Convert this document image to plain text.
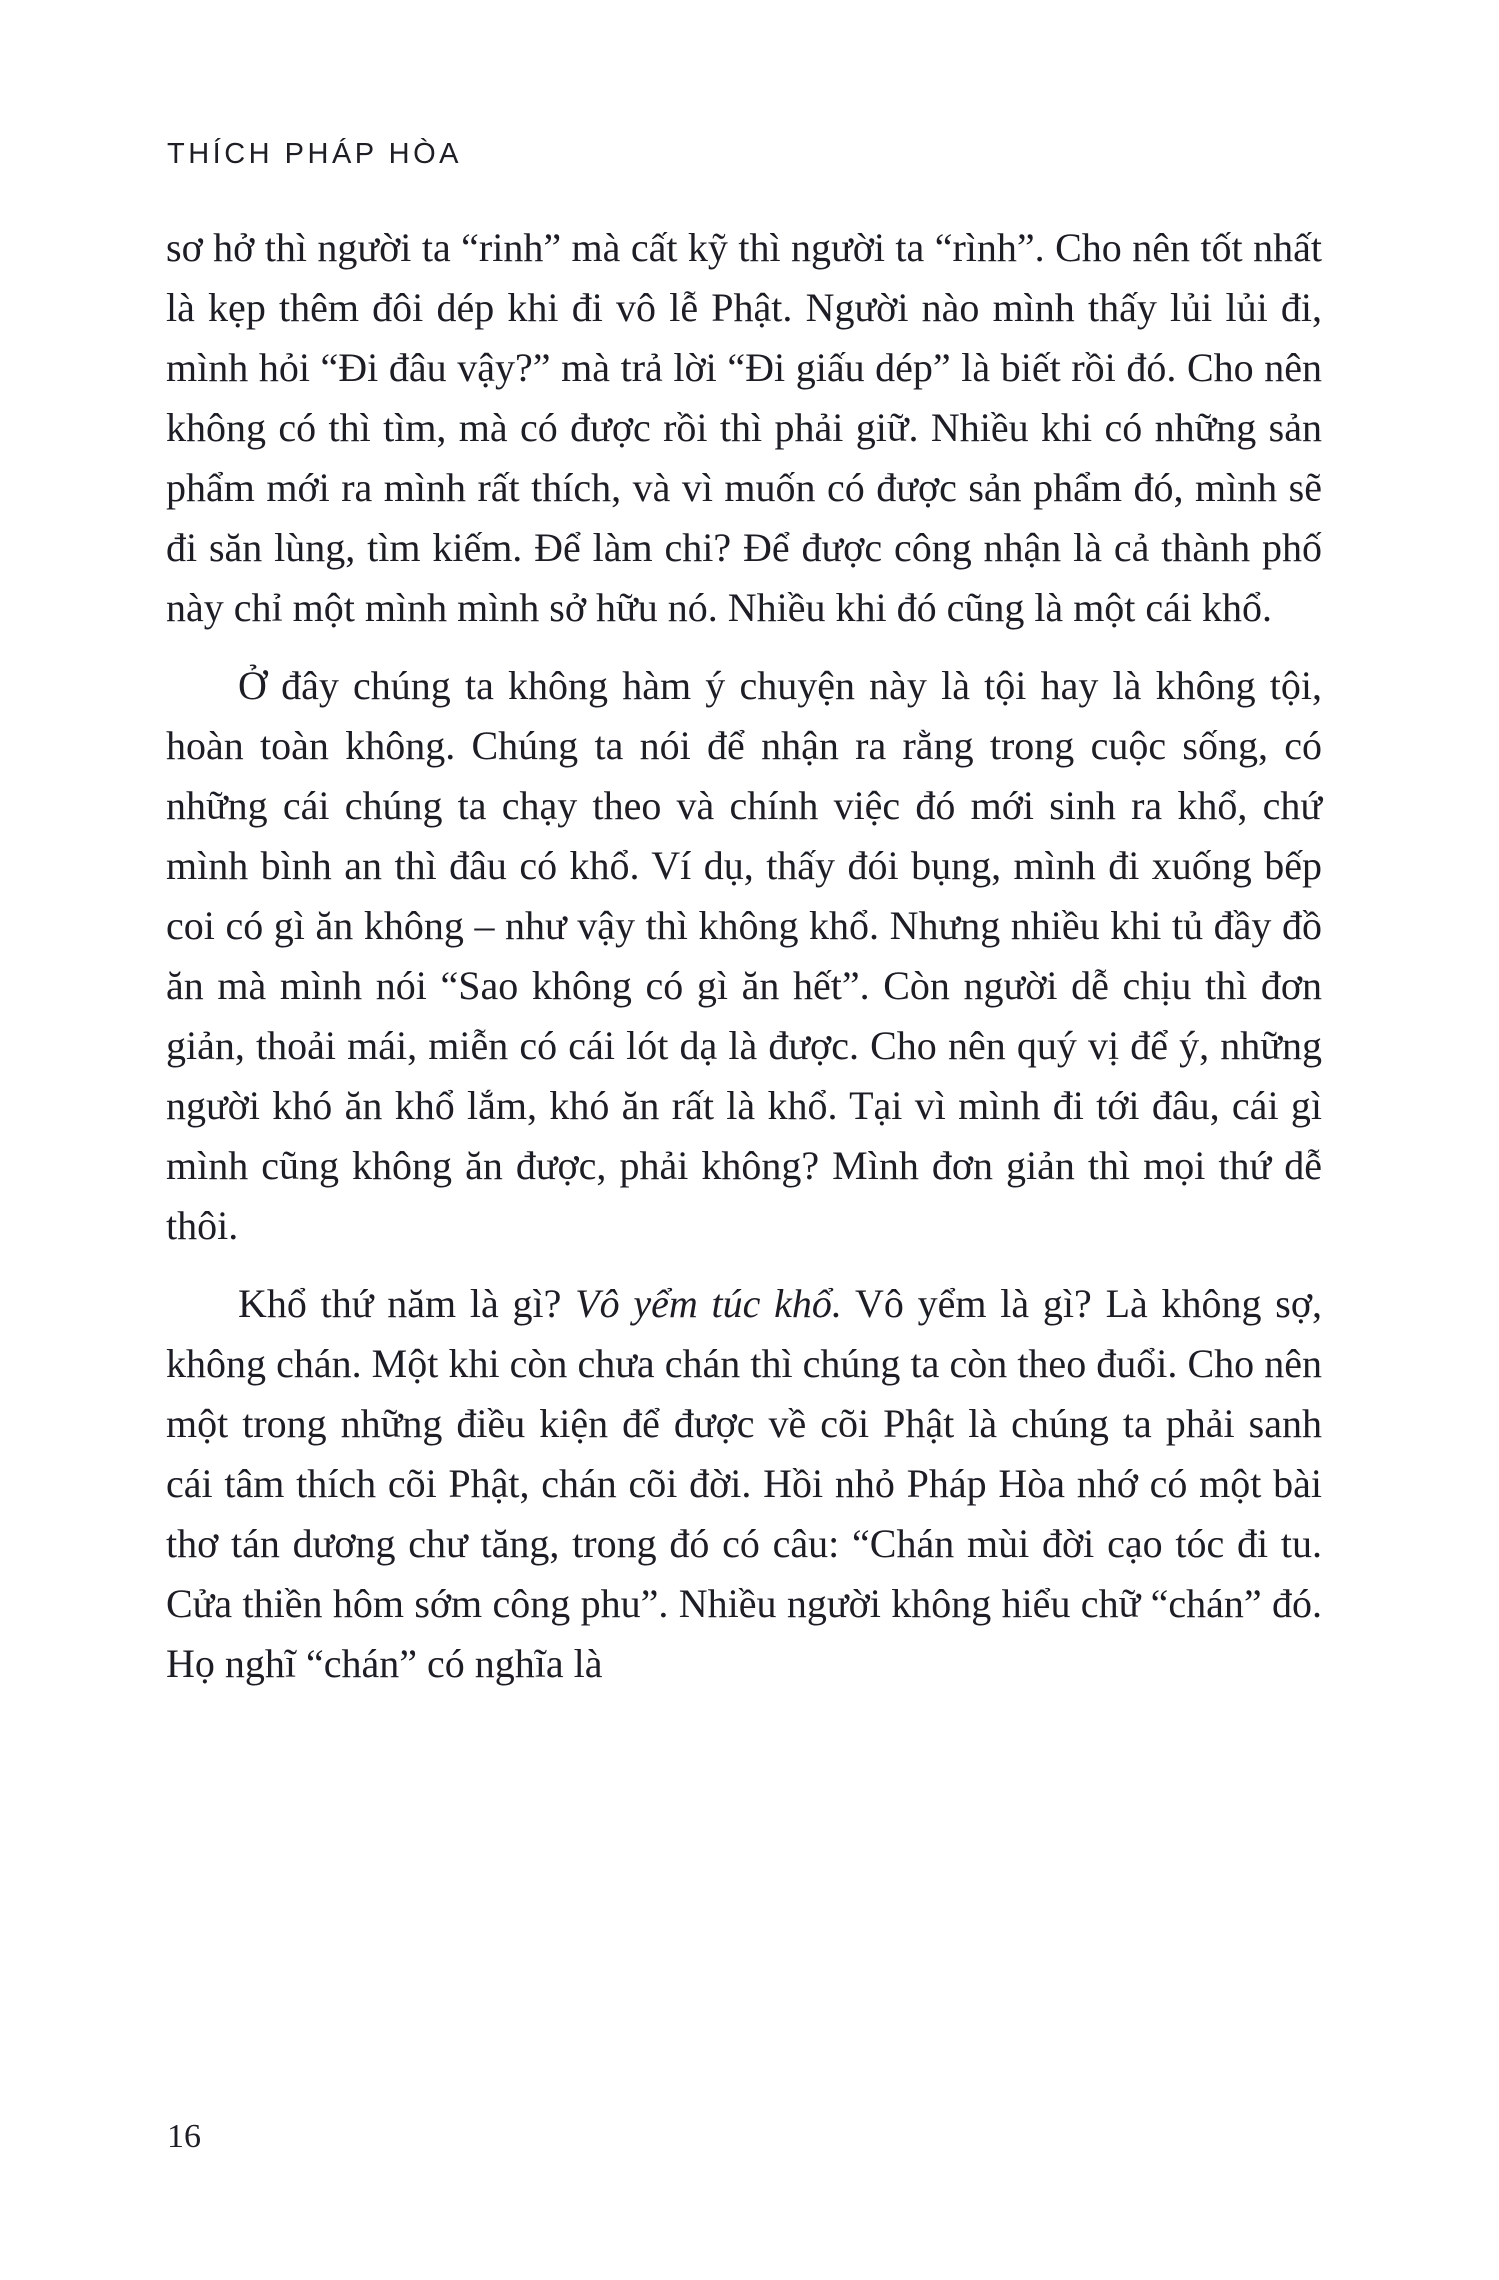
THÍCH PHÁP HÒA

sơ hở thì người ta “rinh” mà cất kỹ thì người ta “rình”. Cho nên tốt nhất là kẹp thêm đôi dép khi đi vô lễ Phật. Người nào mình thấy lủi lủi đi, mình hỏi “Đi đâu vậy?” mà trả lời “Đi giấu dép” là biết rồi đó. Cho nên không có thì tìm, mà có được rồi thì phải giữ. Nhiều khi có những sản phẩm mới ra mình rất thích, và vì muốn có được sản phẩm đó, mình sẽ đi săn lùng, tìm kiếm. Để làm chi? Để được công nhận là cả thành phố này chỉ một mình mình sở hữu nó. Nhiều khi đó cũng là một cái khổ.

Ở đây chúng ta không hàm ý chuyện này là tội hay là không tội, hoàn toàn không. Chúng ta nói để nhận ra rằng trong cuộc sống, có những cái chúng ta chạy theo và chính việc đó mới sinh ra khổ, chứ mình bình an thì đâu có khổ. Ví dụ, thấy đói bụng, mình đi xuống bếp coi có gì ăn không – như vậy thì không khổ. Nhưng nhiều khi tủ đầy đồ ăn mà mình nói “Sao không có gì ăn hết”. Còn người dễ chịu thì đơn giản, thoải mái, miễn có cái lót dạ là được. Cho nên quý vị để ý, những người khó ăn khổ lắm, khó ăn rất là khổ. Tại vì mình đi tới đâu, cái gì mình cũng không ăn được, phải không? Mình đơn giản thì mọi thứ dễ thôi.

Khổ thứ năm là gì? Vô yểm túc khổ. Vô yểm là gì? Là không sợ, không chán. Một khi còn chưa chán thì chúng ta còn theo đuổi. Cho nên một trong những điều kiện để được về cõi Phật là chúng ta phải sanh cái tâm thích cõi Phật, chán cõi đời. Hồi nhỏ Pháp Hòa nhớ có một bài thơ tán dương chư tăng, trong đó có câu: “Chán mùi đời cạo tóc đi tu. Cửa thiền hôm sớm công phu”. Nhiều người không hiểu chữ “chán” đó. Họ nghĩ “chán” có nghĩa là

16
